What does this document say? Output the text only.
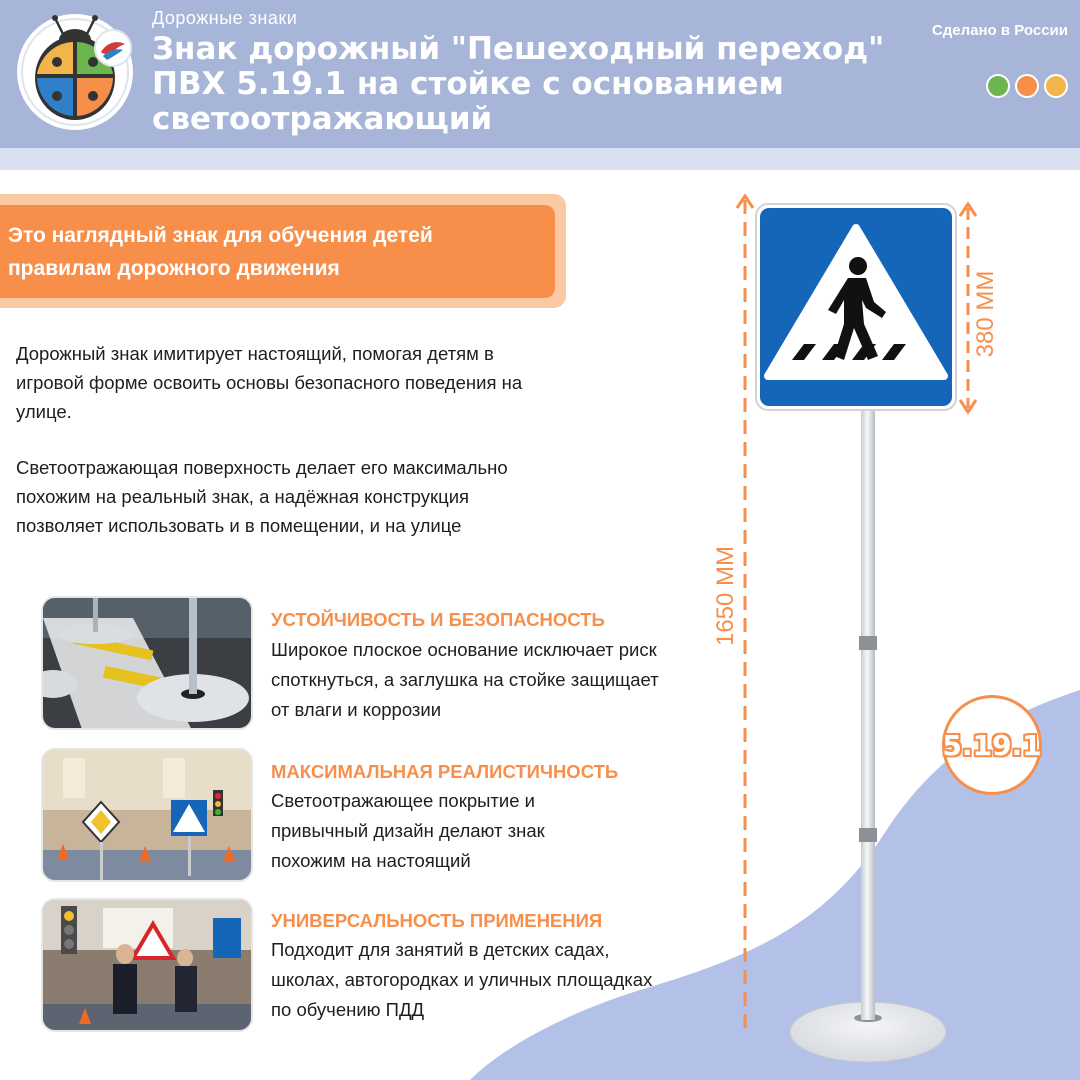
Дорожные знаки
Знак дорожный "Пешеходный переход" ПВХ 5.19.1 на стойке с основанием светоотражающий
Сделано в России
Это наглядный знак для обучения детей правилам дорожного движения
Дорожный знак имитирует настоящий, помогая детям в игровой форме освоить основы безопасного поведения на улице.
Светоотражающая поверхность делает его максимально похожим на реальный знак, а надёжная конструкция позволяет использовать и в помещении, и на улице
УСТОЙЧИВОСТЬ И БЕЗОПАСНОСТЬ
Широкое плоское основание исключает риск споткнуться, а заглушка на стойке защищает от влаги и коррозии
МАКСИМАЛЬНАЯ РЕАЛИСТИЧНОСТЬ
Светоотражающее покрытие и привычный дизайн делают знак похожим на настоящий
УНИВЕРСАЛЬНОСТЬ ПРИМЕНЕНИЯ
Подходит для занятий в детских садах, школах, автогородках и уличных площадках по обучению ПДД
1650 ММ
380 ММ
5.19.1
